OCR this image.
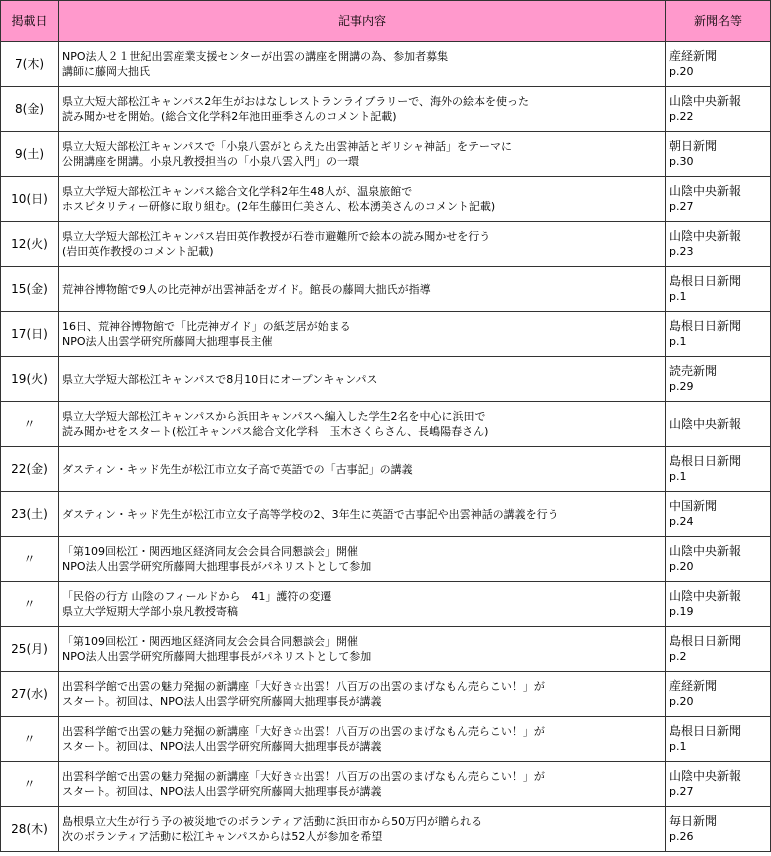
掲載日	記事内容	新聞名等
7(木)	NPO法人２１世紀出雲産業支援センターが出雲の講座を開講の為、参加者募集
講師に藤岡大拙氏	産経新聞
p.20

8(金)	県立大短大部松江キャンパス2年生がおはなしレストランライブラリーで、海外の絵本を使った
読み聞かせを開始。(総合文化学科2年池田亜季さんのコメント記載)	山陰中央新報
p.22

9(土)	県立大短大部松江キャンパスで「小泉八雲がとらえた出雲神話とギリシャ神話」をテーマに
公開講座を開講。小泉凡教授担当の「小泉八雲入門」の一環	朝日新聞
p.30

10(日)	県立大学短大部松江キャンパス総合文化学科2年生48人が、温泉旅館で
ホスピタリティー研修に取り組む。(2年生藤田仁美さん、松本湧美さんのコメント記載)	山陰中央新報
p.27

12(火)	県立大学短大部松江キャンパス岩田英作教授が石巻市避難所で絵本の読み聞かせを行う
(岩田英作教授のコメント記載)	山陰中央新報
p.23

15(金)	荒神谷博物館で9人の比売神が出雲神話をガイド。館長の藤岡大拙氏が指導	島根日日新聞
p.1

17(日)	16日、荒神谷博物館で「比売神ガイド」の紙芝居が始まる
NPO法人出雲学研究所藤岡大拙理事長主催	島根日日新聞
p.1

19(火)	県立大学短大部松江キャンパスで8月10日にオープンキャンパス	読売新聞
p.29

〃	県立大学短大部松江キャンパスから浜田キャンパスへ編入した学生2名を中心に浜田で
読み聞かせをスタート(松江キャンパス総合文化学科　玉木さくらさん、長嶋陽春さん)	山陰中央新報

22(金)	ダスティン・キッド先生が松江市立女子高で英語での「古事記」の講義	島根日日新聞
p.1

23(土)	ダスティン・キッド先生が松江市立女子高等学校の2、3年生に英語で古事記や出雲神話の講義を行う	中国新聞
p.24

〃	「第109回松江・関西地区経済同友会会員合同懇談会」開催
NPO法人出雲学研究所藤岡大拙理事長がパネリストとして参加	山陰中央新報
p.20

〃	「民俗の行方 山陰のフィールドから　41」護符の変遷
県立大学短期大学部小泉凡教授寄稿	山陰中央新報
p.19

25(月)	「第109回松江・関西地区経済同友会会員合同懇談会」開催
NPO法人出雲学研究所藤岡大拙理事長がパネリストとして参加	島根日日新聞
p.2

27(水)	出雲科学館で出雲の魅力発掘の新講座「大好き☆出雲！八百万の出雲のまげなもん売らこい！」が
スタート。初回は、NPO法人出雲学研究所藤岡大拙理事長が講義	産経新聞
p.20

〃	出雲科学館で出雲の魅力発掘の新講座「大好き☆出雲！八百万の出雲のまげなもん売らこい！」が
スタート。初回は、NPO法人出雲学研究所藤岡大拙理事長が講義	島根日日新聞
p.1

〃	出雲科学館で出雲の魅力発掘の新講座「大好き☆出雲！八百万の出雲のまげなもん売らこい！」が
スタート。初回は、NPO法人出雲学研究所藤岡大拙理事長が講義	山陰中央新報
p.27

28(木)	島根県立大生が行う予の被災地でのボランティア活動に浜田市から50万円が贈られる
次のボランティア活動に松江キャンパスからは52人が参加を希望	毎日新聞
p.26
